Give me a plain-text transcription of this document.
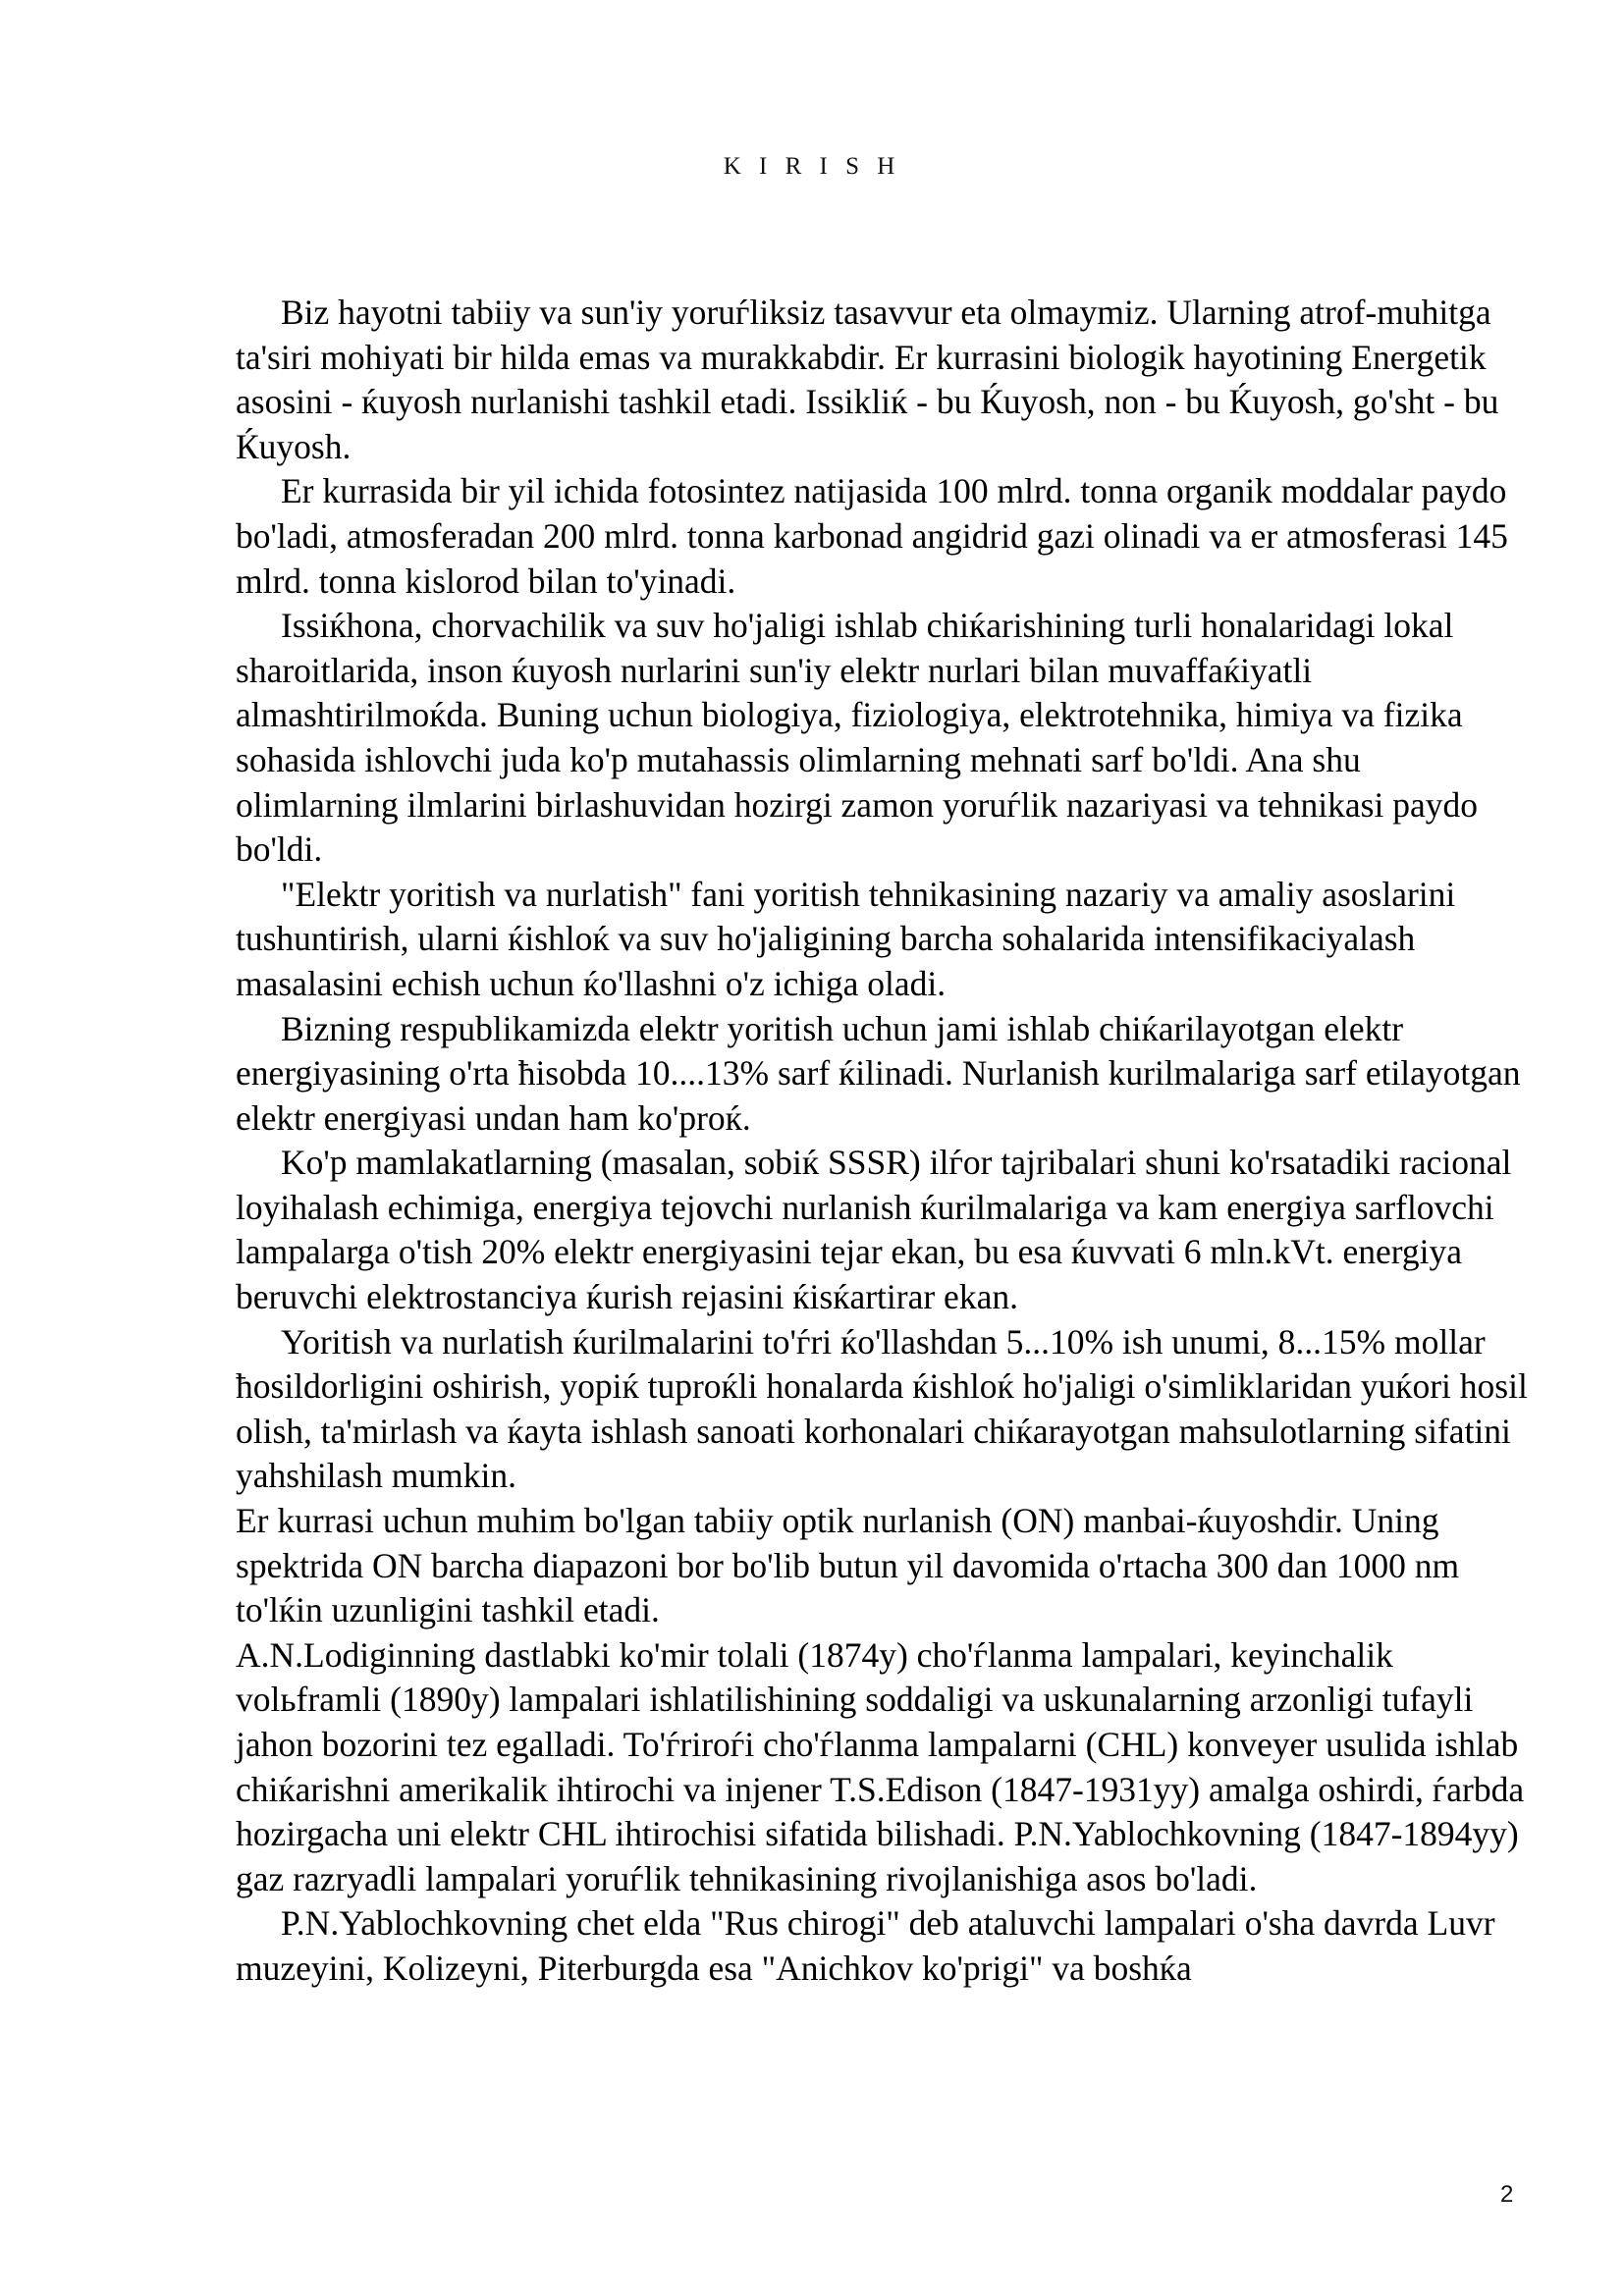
K I R I S H

Biz hayotni tabiiy va sun'iy yoruѓliksiz tasavvur eta olmaymiz. Ularning atrof-muhitga ta'siri mohiyati bir hilda emas va murakkabdir. Er kurrasini biologik hayotining Energetik asosini - ќuyosh nurlanishi tashkil etadi. Issikliќ - bu Ќuyosh, non - bu Ќuyosh, go'sht - bu Ќuyosh.

Er kurrasida bir yil ichida fotosintez natijasida 100 mlrd. tonna organik moddalar paydo bo'ladi, atmosferadan 200 mlrd. tonna karbonad angidrid gazi olinadi va er atmosferasi 145 mlrd. tonna kislorod bilan to'yinadi.

Issiќhona, chorvachilik va suv ho'jaligi ishlab chiќarishining turli honalaridagi lokal sharoitlarida, inson ќuyosh nurlarini sun'iy elektr nurlari bilan muvaffaќiyatli almashtirilmoќda. Buning uchun biologiya, fiziologiya, elektrotehnika, himiya va fizika sohasida ishlovchi juda ko'p mutahassis olimlarning mehnati sarf bo'ldi. Ana shu olimlarning ilmlarini birlashuvidan hozirgi zamon yoruѓlik nazariyasi va tehnikasi paydo bo'ldi.

"Elektr yoritish va nurlatish" fani yoritish tehnikasining nazariy va amaliy asoslarini tushuntirish, ularni ќishloќ va suv ho'jaligining barcha sohalarida intensifikaciyalash masalasini echish uchun ќo'llashni o'z ichiga oladi.

Bizning respublikamizda elektr yoritish uchun jami ishlab chiќarilayotgan elektr energiyasining o'rta ћisobda 10....13% sarf ќilinadi. Nurlanish kurilmalariga sarf etilayotgan elektr energiyasi undan ham ko'proќ.

Ko'p mamlakatlarning (masalan, sobiќ SSSR) ilѓor tajribalari shuni ko'rsatadiki racional loyihalash echimiga, energiya tejovchi nurlanish ќurilmalariga va kam energiya sarflovchi lampalarga o'tish 20% elektr energiyasini tejar ekan, bu esa ќuvvati 6 mln.kVt. energiya beruvchi elektrostanciya ќurish rejasini ќisќartirar ekan.

Yoritish va nurlatish ќurilmalarini to'ѓri ќo'llashdan 5...10% ish unumi, 8...15% mollar ћosildorligini oshirish, yopiќ tuproќli honalarda ќishloќ ho'jaligi o'simliklaridan yuќori hosil olish, ta'mirlash va ќayta ishlash sanoati korhonalari chiќarayotgan mahsulotlarning sifatini yahshilash mumkin.

Er kurrasi uchun muhim bo'lgan tabiiy optik nurlanish (ON) manbai-ќuyoshdir. Uning spektrida ON barcha diapazoni bor bo'lib butun yil davomida o'rtacha 300 dan 1000 nm to'lќin uzunligini tashkil etadi.

A.N.Lodiginning dastlabki ko'mir tolali (1874y) cho'ѓlanma lampalari, keyinchalik volьframli (1890y) lampalari ishlatilishining soddaligi va uskunalarning arzonligi tufayli jahon bozorini tez egalladi. To'ѓriroѓi cho'ѓlanma lampalarni (CHL) konveyer usulida ishlab chiќarishni amerikalik ihtirochi va injener T.S.Edison (1847-1931yy) amalga oshirdi, ѓarbda hozirgacha uni elektr CHL ihtirochisi sifatida bilishadi. P.N.Yablochkovning (1847-1894yy) gaz razryadli lampalari yoruѓlik tehnikasining rivojlanishiga asos bo'ladi.

P.N.Yablochkovning chet elda "Rus chirogi" deb ataluvchi lampalari o'sha davrda Luvr muzeyini, Kolizeyni, Piterburgda esa "Anichkov ko'prigi" va boshќa

2
